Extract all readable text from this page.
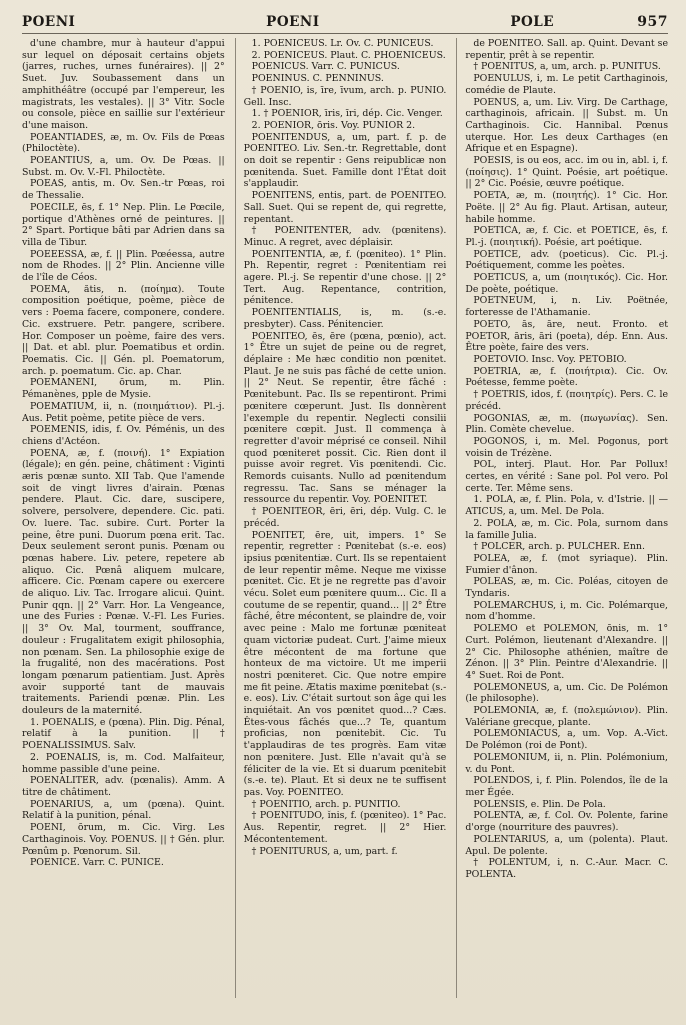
POENI	POENI	POLE	957

d'une chambre, mur à hauteur d'appui sur lequel on déposait certains objets (jarres, ruches, urnes funéraires). || 2° Suet. Juv. Soubassement dans un amphithéâtre (occupé par l'empereur, les magistrats, les vestales). || 3° Vitr. Socle ou console, pièce en saillie sur l'extérieur d'une maison.

POEANTIADES, æ, m. Ov. Fils de Pœas (Philoctète).

POEANTIUS, a, um. Ov. De Pœas. || Subst. m. Ov. V.-Fl. Philoctète.

POEAS, antis, m. Ov. Sen.-tr Pœas, roi de Thessalie.

POECILE, ēs, f. 1° Nep. Plin. Le Pœcile, portique d'Athènes orné de peintures. || 2° Spart. Portique bâti par Adrien dans sa villa de Tibur.

POEEESSA, æ, f. || Plin. Pœéessa, autre nom de Rhodes. || 2° Plin. Ancienne ville de l'île de Céos.

POEMA, ătis, n. (ποίημα). Toute composition poétique, poème, pièce de vers : Poema facere, componere, condere. Cic. exstruere. Petr. pangere, scribere. Hor. Composer un poème, faire des vers. || Dat. et abl. plur. Poematibus et ordin. Poematis. Cic. || Gén. pl. Poematorum, arch. p. poematum. Cic. ap. Char.

POEMANENI, ōrum, m. Plin. Pémanènes, pple de Mysie.

POEMATIUM, ii, n. (ποιημάτιον). Pl.-j. Aus. Petit poème, petite pièce de vers.

POEMENIS, idis, f. Ov. Péménis, un des chiens d'Actéon.

POENA, æ, f. (ποινή). 1° Expiation (légale); en gén. peine, châtiment : Viginti æris pœnæ sunto. XII Tab. Que l'amende soit de vingt livres d'airain. Pœnas pendere. Plaut. Cic. dare, suscipere, solvere, persolvere, dependere. Cic. pati. Ov. luere. Tac. subire. Curt. Porter la peine, être puni. Duorum pœna erit. Tac. Deux seulement seront punis. Pœnam ou pœnas habere. Liv. petere, repetere ab aliquo. Cic. Pœnâ aliquem mulcare, afficere. Cic. Pœnam capere ou exercere de aliquo. Liv. Tac. Irrogare alicui. Quint. Punir qqn. || 2° Varr. Hor. La Vengeance, une des Furies : Pœnæ. V.-Fl. Les Furies. || 3° Ov. Mal, tourment, souffrance, douleur : Frugalitatem exigit philosophia, non pœnam. Sen. La philosophie exige de la frugalité, non des macérations. Post longam pœnarum patientiam. Just. Après avoir supporté tant de mauvais traitements. Pariendi pœnæ. Plin. Les douleurs de la maternité.

1. POENALIS, e (pœna). Plin. Dig. Pénal, relatif à la punition. || † POENALISSIMUS. Salv.

2. POENALIS, is, m. Cod. Malfaiteur, homme passible d'une peine.

POENALITER, adv. (pœnalis). Amm. A titre de châtiment.

POENARIUS, a, um (pœna). Quint. Relatif à la punition, pénal.

POENI, ōrum, m. Cic. Virg. Les Carthaginois. Voy. POENUS. || † Gén. plur. Pœnûm p. Pœnorum. Sil.

POENICE. Varr. C. PUNICE.

1. POENICEUS. Lr. Ov. C. PUNICEUS.

2. POENICEUS. Plaut. C. PHOENICEUS.

POENICUS. Varr. C. PUNICUS.

POENINUS. C. PENNINUS.

† POENIO, is, īre, īvum, arch. p. PUNIO. Gell. Insc.

1. † POENIOR, īris, īri, dép. Cic. Venger.

2. POENIOR, ōris. Voy. PUNIOR 2.

POENITENDUS, a, um, part. f. p. de POENITEO. Liv. Sen.-tr. Regrettable, dont on doit se repentir : Gens reipublicæ non pœnitenda. Suet. Famille dont l'État doit s'applaudir.

POENITENS, entis, part. de POENITEO. Sall. Suet. Qui se repent de, qui regrette, repentant.

† POENITENTER, adv. (pœnitens). Minuc. A regret, avec déplaisir.

POENITENTIA, æ, f. (pœniteo). 1° Plin. Ph. Repentir, regret : Pœnitentiam rei agere. Pl.-j. Se repentir d'une chose. || 2° Tert. Aug. Repentance, contrition, pénitence.

POENITENTIALIS, is, m. (s.-e. presbyter). Cass. Pénitencier.

POENITEO, ēs, ēre (pœna, pœnio), act. 1° Être un sujet de peine ou de regret, déplaire : Me hæc conditio non pœnitet. Plaut. Je ne suis pas fâché de cette union. || 2° Neut. Se repentir, être fâché : Pœnitebunt. Pac. Ils se repentiront. Primi pœnitere cœperunt. Just. Ils donnèrent l'exemple du repentir. Neglecti consilii pœnitere cœpit. Just. Il commença à regretter d'avoir méprisé ce conseil. Nihil quod pœniteret possit. Cic. Rien dont il puisse avoir regret. Vis pœnitendi. Cic. Remords cuisants. Nullo ad pœnitendum regressu. Tac. Sans se ménager la ressource du repentir. Voy. POENITET.

† POENITEOR, ēri, ēri, dép. Vulg. C. le précéd.

POENITET, ēre, uit, impers. 1° Se repentir, regretter : Pœnitebat (s.-e. eos) ipsius pœnitentiæ. Curt. Ils se repentaient de leur repentir même. Neque me vixisse pœnitet. Cic. Et je ne regrette pas d'avoir vécu. Solet eum pœnitere quum... Cic. Il a coutume de se repentir, quand... || 2° Être fâché, être mécontent, se plaindre de, voir avec peine : Malo me fortunæ pœniteat quam victoriæ pudeat. Curt. J'aime mieux être mécontent de ma fortune que honteux de ma victoire. Ut me imperii nostri pœniteret. Cic. Que notre empire me fit peine. Ætatis maxime pœnitebat (s.-e. eos). Liv. C'était surtout son âge qui les inquiétait. An vos pœnitet quod...? Cæs. Êtes-vous fâchés que...? Te, quantum proficias, non pœnitebit. Cic. Tu t'applaudiras de tes progrès. Eam vitæ non pœnitere. Just. Elle n'avait qu'à se féliciter de la vie. Et si duarum pœnitebit (s.-e. te). Plaut. Et si deux ne te suffisent pas. Voy. POENITEO.

† POENITIO, arch. p. PUNITIO.

† POENITUDO, ĭnis, f. (pœniteo). 1° Pac. Aus. Repentir, regret. || 2° Hier. Mécontentement.

† POENITURUS, a, um, part. f.

de POENITEO. Sall. ap. Quint. Devant se repentir, prêt à se repentir.

† POENITUS, a, um, arch. p. PUNITUS.

POENULUS, i, m. Le petit Carthaginois, comédie de Plaute.

POENUS, a, um. Liv. Virg. De Carthage, carthaginois, africain. || Subst. m. Un Carthaginois. Cic. Hannibal. Pœnus uterque. Hor. Les deux Carthages (en Afrique et en Espagne).

POESIS, is ou eos, acc. im ou in, abl. i, f. (ποίησις). 1° Quint. Poésie, art poétique. || 2° Cic. Poésie, œuvre poétique.

POETA, æ, m. (ποιητής). 1° Cic. Hor. Poëte. || 2° Au fig. Plaut. Artisan, auteur, habile homme.

POETICA, æ, f. Cic. et POETICE, ēs, f. Pl.-j. (ποιητική). Poésie, art poétique.

POETICE, adv. (poeticus). Cic. Pl.-j. Poétiquement, comme les poètes.

POETICUS, a, um (ποιητικός). Cic. Hor. De poète, poétique.

POETNEUM, i, n. Liv. Poëtnée, forteresse de l'Athamanie.

POETO, ās, āre, neut. Fronto. et POETOR, āris, āri (poeta), dép. Enn. Aus. Être poète, faire des vers.

POETOVIO. Insc. Voy. PETOBIO.

POETRIA, æ, f. (ποιήτρια). Cic. Ov. Poétesse, femme poète.

† POETRIS, idos, f. (ποιητρίς). Pers. C. le précéd.

POGONIAS, æ, m. (πωγωνίας). Sen. Plin. Comète chevelue.

POGONOS, i, m. Mel. Pogonus, port voisin de Trézène.

POL, interj. Plaut. Hor. Par Pollux! certes, en vérité : Sane pol. Pol vero. Pol certe. Ter. Même sens.

1. POLA, æ, f. Plin. Pola, v. d'Istrie. || — ATICUS, a, um. Mel. De Pola.

2. POLA, æ, m. Cic. Pola, surnom dans la famille Julia.

† POLCER, arch. p. PULCHER. Enn.

POLEA, æ, f. (mot syriaque). Plin. Fumier d'ânon.

POLEAS, æ, m. Cic. Poléas, citoyen de Tyndaris.

POLEMARCHUS, i, m. Cic. Polémarque, nom d'homme.

POLEMO et POLEMON, ōnis, m. 1° Curt. Polémon, lieutenant d'Alexandre. || 2° Cic. Philosophe athénien, maître de Zénon. || 3° Plin. Peintre d'Alexandrie. || 4° Suet. Roi de Pont.

POLEMONEUS, a, um. Cic. De Polémon (le philosophe).

POLEMONIA, æ, f. (πολεμώνιον). Plin. Valériane grecque, plante.

POLEMONIACUS, a, um. Vop. A.-Vict. De Polémon (roi de Pont).

POLEMONIUM, ii, n. Plin. Polémonium, v. du Pont.

POLENDOS, i, f. Plin. Polendos, île de la mer Égée.

POLENSIS, e. Plin. De Pola.

POLENTA, æ, f. Col. Ov. Polente, farine d'orge (nourriture des pauvres).

POLENTARIUS, a, um (polenta). Plaut. Apul. De polente.

† POLENTUM, i, n. C.-Aur. Macr. C. POLENTA.
